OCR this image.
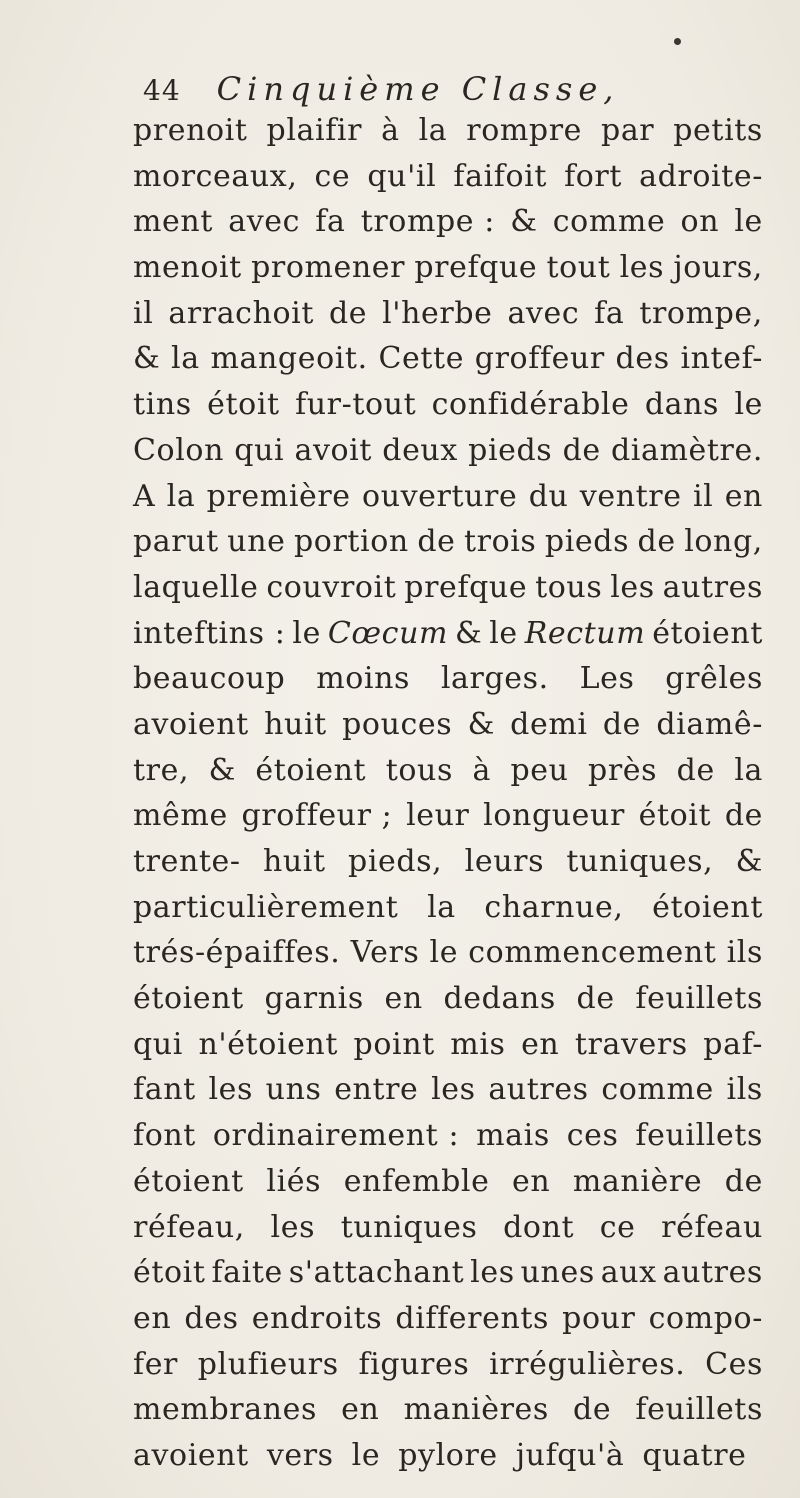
44 Cinquième Classe,
prenoit plaifir à la rompre par petits
morceaux, ce qu'il faifoit fort adroite-
ment avec fa trompe : & comme on le
menoit promener prefque tout les jours,
il arrachoit de l'herbe avec fa trompe,
& la mangeoit. Cette groffeur des intef-
tins étoit fur-tout confidérable dans le
Colon qui avoit deux pieds de diamètre.
A la première ouverture du ventre il en
parut une portion de trois pieds de long,
laquelle couvroit prefque tous les autres
inteftins : le Cœcum & le Rectum étoient
beaucoup moins larges. Les grêles
avoient huit pouces & demi de diamê-
tre, & étoient tous à peu près de la
même groffeur ; leur longueur étoit de
trente- huit pieds, leurs tuniques, &
particulièrement la charnue, étoient
trés-épaiffes. Vers le commencement ils
étoient garnis en dedans de feuillets
qui n'étoient point mis en travers paf-
fant les uns entre les autres comme ils
font ordinairement : mais ces feuillets
étoient liés enfemble en manière de
réfeau, les tuniques dont ce réfeau
étoit faite s'attachant les unes aux autres
en des endroits differents pour compo-
fer plufieurs figures irrégulières. Ces
membranes en manières de feuillets
avoient vers le pylore jufqu'à quatre
